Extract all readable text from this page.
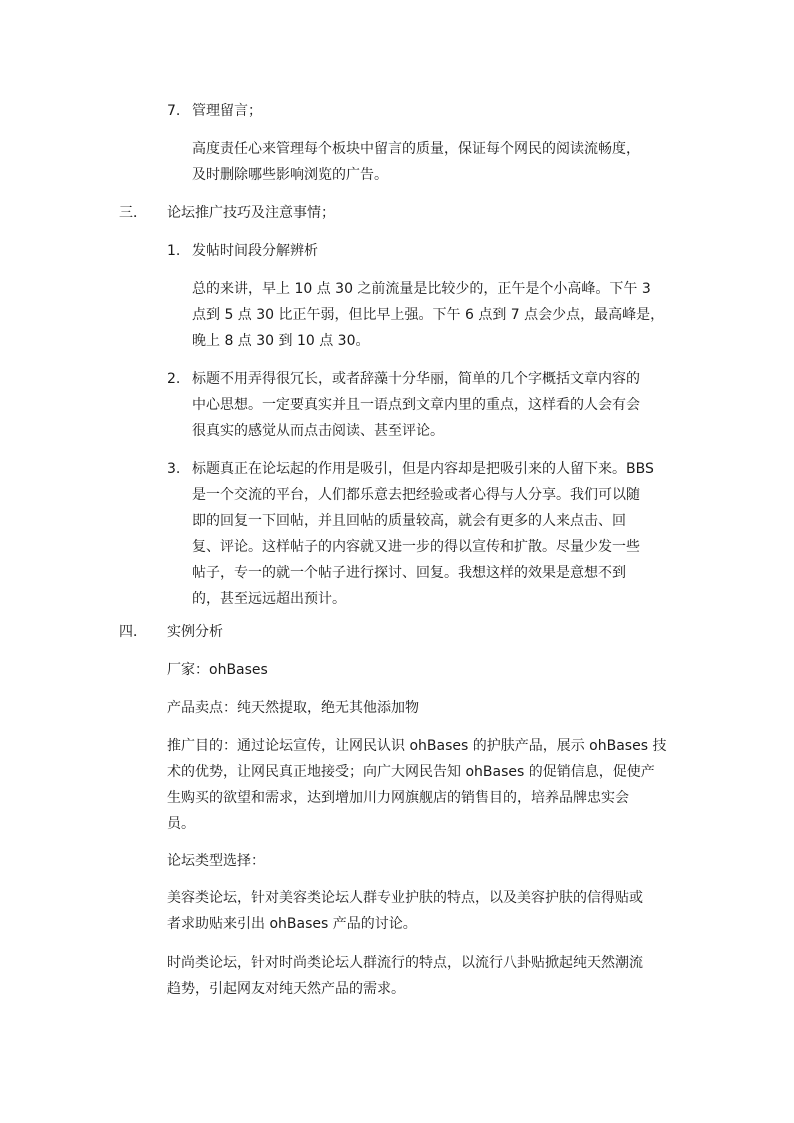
7. 管理留言；
高度责任心来管理每个板块中留言的质量，保证每个网民的阅读流畅度，
及时删除哪些影响浏览的广告。
三． 论坛推广技巧及注意事情；
1. 发帖时间段分解辨析
总的来讲，早上 10 点 30 之前流量是比较少的，正午是个小高峰。下午 3
点到 5 点 30 比正午弱，但比早上强。下午 6 点到 7 点会少点，最高峰是，
晚上 8 点 30 到 10 点 30。
2. 标题不用弄得很冗长，或者辞藻十分华丽，简单的几个字概括文章内容的
中心思想。一定要真实并且一语点到文章内里的重点，这样看的人会有会
很真实的感觉从而点击阅读、甚至评论。
3. 标题真正在论坛起的作用是吸引，但是内容却是把吸引来的人留下来。BBS
是一个交流的平台，人们都乐意去把经验或者心得与人分享。我们可以随
即的回复一下回帖，并且回帖的质量较高，就会有更多的人来点击、回
复、评论。这样帖子的内容就又进一步的得以宣传和扩散。尽量少发一些
帖子，专一的就一个帖子进行探讨、回复。我想这样的效果是意想不到
的，甚至远远超出预计。
四． 实例分析
厂家：ohBases
产品卖点：纯天然提取，绝无其他添加物
推广目的：通过论坛宣传，让网民认识 ohBases 的护肤产品，展示 ohBases 技
术的优势，让网民真正地接受；向广大网民告知 ohBases 的促销信息，促使产
生购买的欲望和需求，达到增加川力网旗舰店的销售目的，培养品牌忠实会
员。
论坛类型选择：
美容类论坛，针对美容类论坛人群专业护肤的特点，以及美容护肤的信得贴或
者求助贴来引出 ohBases 产品的讨论。
时尚类论坛，针对时尚类论坛人群流行的特点，以流行八卦贴掀起纯天然潮流
趋势，引起网友对纯天然产品的需求。
